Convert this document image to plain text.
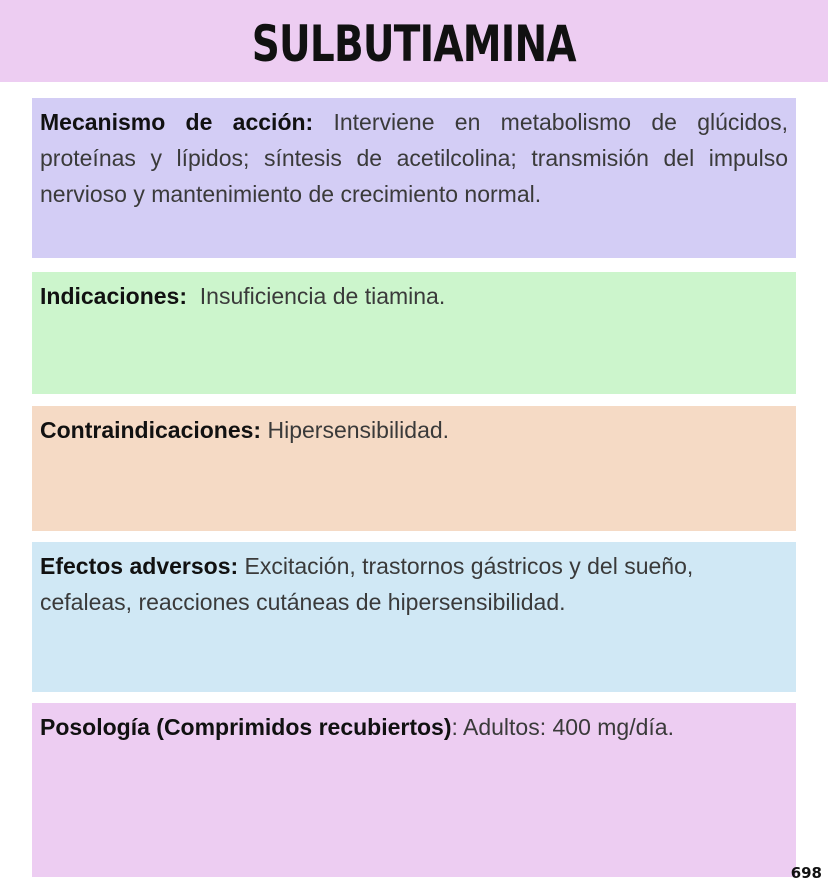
SULBUTIAMINA
Mecanismo de acción: Interviene en metabolismo de glúcidos, proteínas y lípidos; síntesis de acetilcolina; transmisión del impulso nervioso y mantenimiento de crecimiento normal.
Indicaciones:  Insuficiencia de tiamina.
Contraindicaciones: Hipersensibilidad.
Efectos adversos: Excitación, trastornos gástricos y del sueño, cefaleas, reacciones cutáneas de hipersensibilidad.
Posología (Comprimidos recubiertos): Adultos: 400 mg/día.
698
